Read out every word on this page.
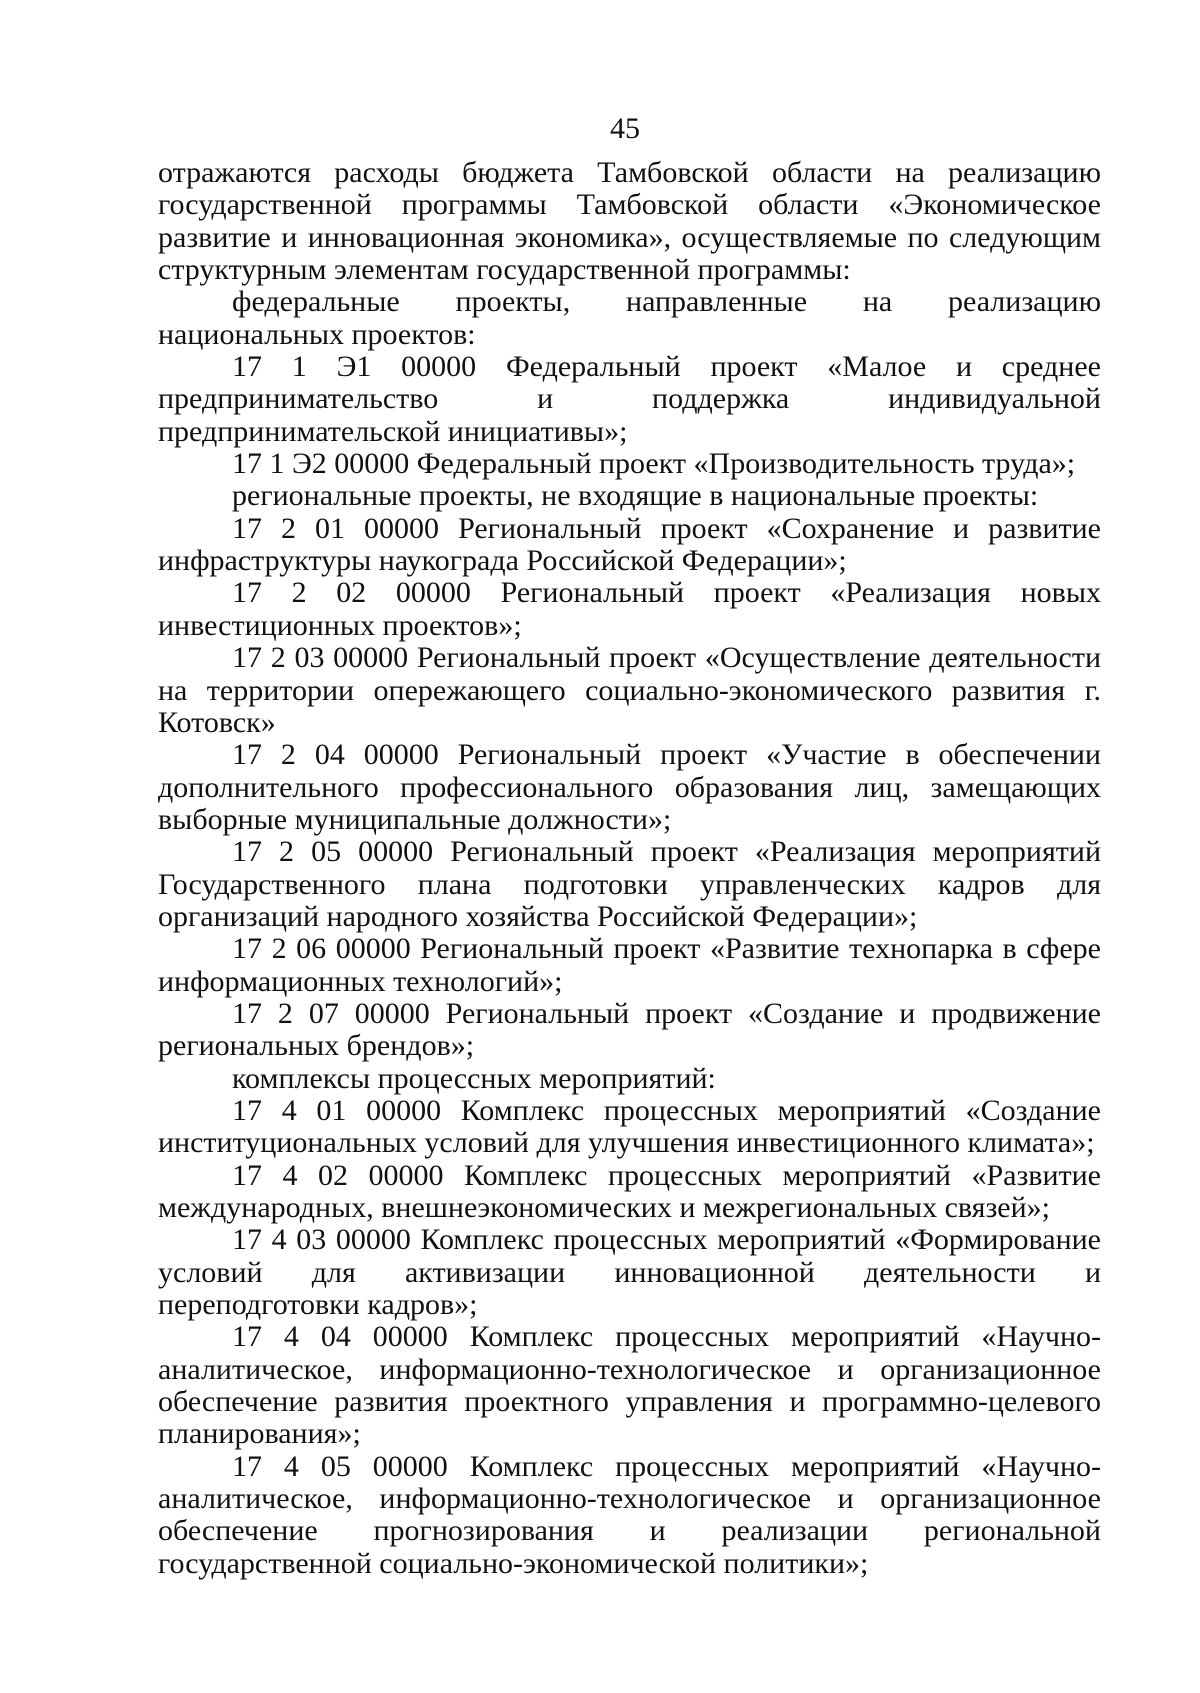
45

отражаются расходы бюджета Тамбовской области на реализацию государственной программы Тамбовской области «Экономическое развитие и инновационная экономика», осуществляемые по следующим структурным элементам государственной программы:

федеральные проекты, направленные на реализацию национальных проектов:

17 1 Э1 00000 Федеральный проект «Малое и среднее предпринимательство и поддержка индивидуальной предпринимательской инициативы»;

17 1 Э2 00000 Федеральный проект «Производительность труда»;

региональные проекты, не входящие в национальные проекты:

17 2 01 00000 Региональный проект «Сохранение и развитие инфраструктуры наукограда Российской Федерации»;

17 2 02 00000 Региональный проект «Реализация новых инвестиционных проектов»;

17 2 03 00000 Региональный проект «Осуществление деятельности на территории опережающего социально-экономического развития г. Котовск»

17 2 04 00000 Региональный проект «Участие в обеспечении дополнительного профессионального образования лиц, замещающих выборные муниципальные должности»;

17 2 05 00000 Региональный проект «Реализация мероприятий Государственного плана подготовки управленческих кадров для организаций народного хозяйства Российской Федерации»;

17 2 06 00000 Региональный проект «Развитие технопарка в сфере информационных технологий»;

17 2 07 00000 Региональный проект «Создание и продвижение региональных брендов»;

комплексы процессных мероприятий:

17 4 01 00000 Комплекс процессных мероприятий «Создание институциональных условий для улучшения инвестиционного климата»;

17 4 02 00000 Комплекс процессных мероприятий «Развитие международных, внешнеэкономических и межрегиональных связей»;

17 4 03 00000 Комплекс процессных мероприятий «Формирование условий для активизации инновационной деятельности и переподготовки кадров»;

17 4 04 00000 Комплекс процессных мероприятий «Научно-аналитическое, информационно-технологическое и организационное обеспечение развития проектного управления и программно-целевого планирования»;

17 4 05 00000 Комплекс процессных мероприятий «Научно-аналитическое, информационно-технологическое и организационное обеспечение прогнозирования и реализации региональной государственной социально-экономической политики»;
